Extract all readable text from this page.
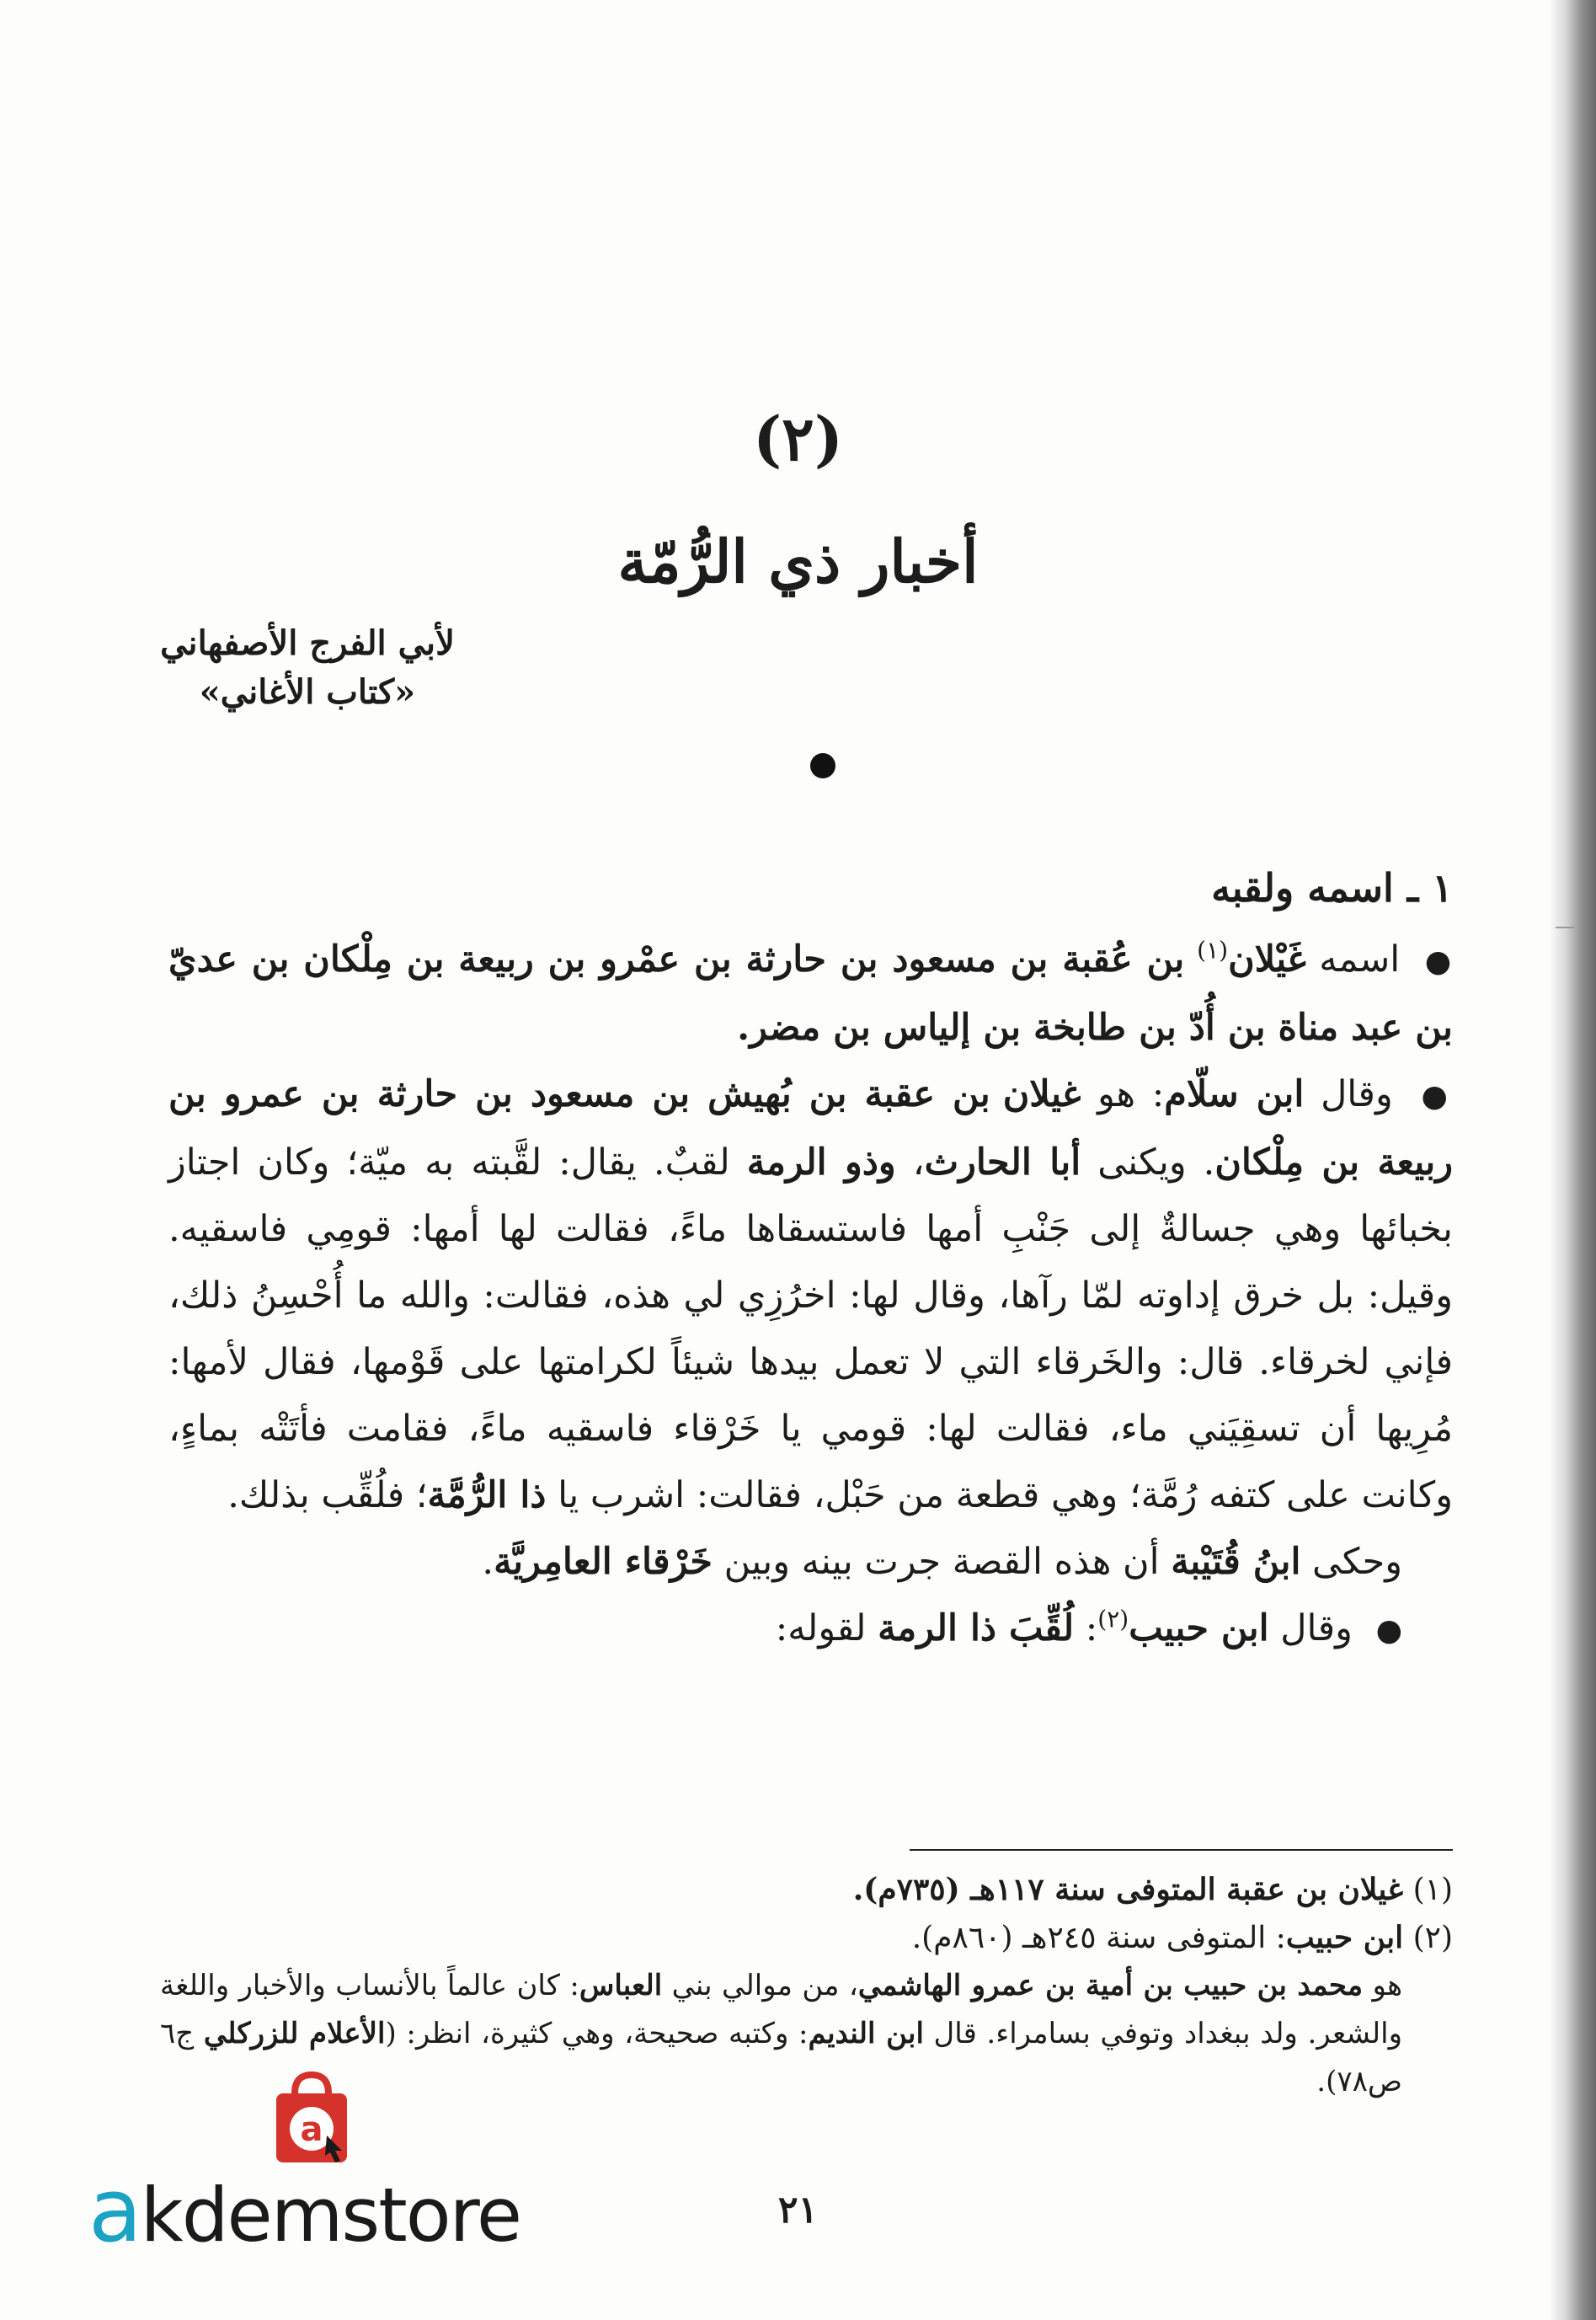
(٢)
أخبار ذي الرُّمّة
لأبي الفرج الأصفهاني
«كتاب الأغاني»
١ ـ اسمه ولقبه

● اسمه غَيْلان$^{(١)}$ بن عُقبة بن مسعود بن حارثة بن عمْرو بن ربيعة بن مِلْكان بن عديّ بن عبد مناة بن أُدّ بن طابخة بن إلياس بن مضر.

● وقال ابن سلّام: هو غيلان بن عقبة بن بُهيش بن مسعود بن حارثة بن عمرو بن ربيعة بن مِلْكان. ويكنى أبا الحارث، وذو الرمة لقبٌ. يقال: لقَّبته به ميّة؛ وكان اجتاز بخبائها وهي جسالةٌ إلى جَنْبِ أمها فاستسقاها ماءً، فقالت لها أمها: قومِي فاسقيه. وقيل: بل خرق إداوته لمّا رآها، وقال لها: اخرُزِي لي هذه، فقالت: والله ما أُحْسِنُ ذلك، فإني لخرقاء. قال: والخَرقاء التي لا تعمل بيدها شيئاً لكرامتها على قَوْمها، فقال لأمها: مُرِيها أن تسقِيَني ماء، فقالت لها: قومي يا خَرْقاء فاسقيه ماءً، فقامت فأتَتْه بماءٍ، وكانت على كتفه رُمَّة؛ وهي قطعة من حَبْل، فقالت: اشرب يا ذا الرُّمَّة؛ فلُقِّب بذلك.

وحكى ابنُ قُتَيْبة أن هذه القصة جرت بينه وبين خَرْقاء العامِريَّة.

● وقال ابن حبيب$^{(٢)}$: لُقِّبَ ذا الرمة لقوله:

(١) غيلان بن عقبة المتوفى سنة ١١٧هـ (٧٣٥م).

(٢) ابن حبيب: المتوفى سنة ٢٤٥هـ (٨٦٠م).

هو محمد بن حبيب بن أمية بن عمرو الهاشمي، من موالي بني العباس: كان عالماً بالأنساب والأخبار واللغة والشعر. ولد ببغداد وتوفي بسامراء. قال ابن النديم: وكتبه صحيحة، وهي كثيرة، انظر: (الأعلام للزركلي ج٦ ص٧٨).

٢١
a
akdemstore
